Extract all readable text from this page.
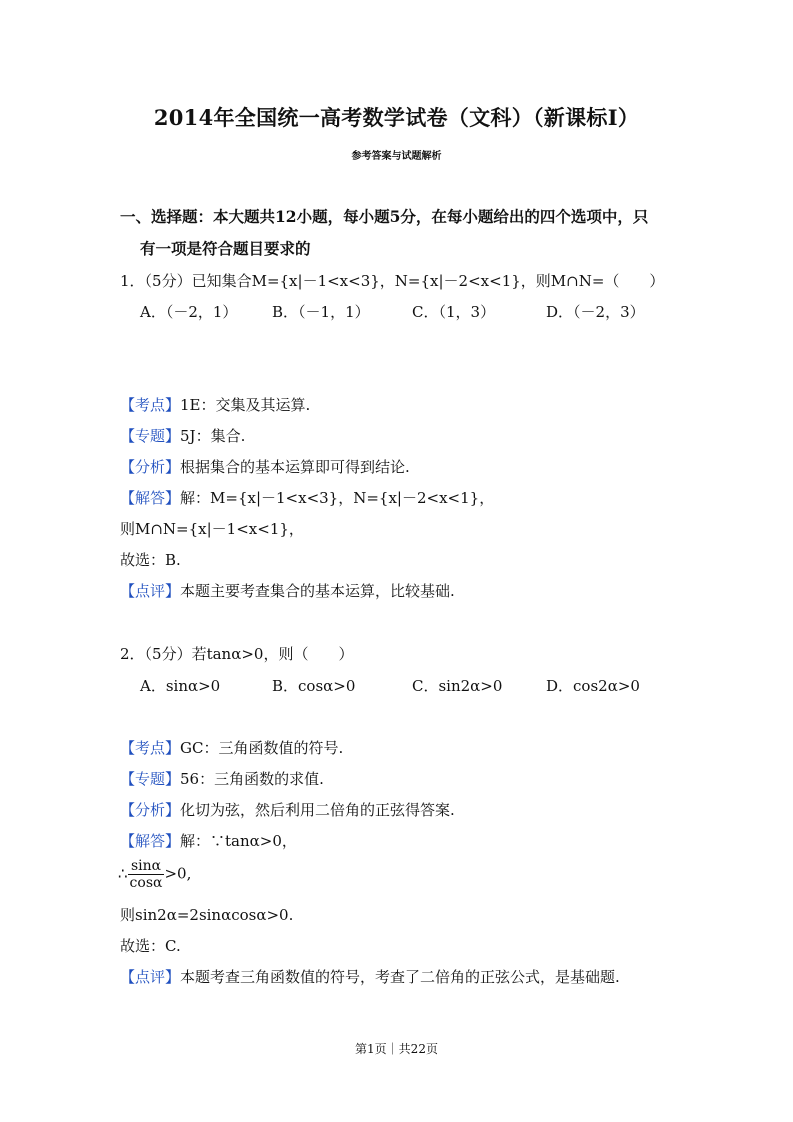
2014年全国统一高考数学试卷（文科）（新课标Ⅰ）
参考答案与试题解析
一、选择题：本大题共12小题，每小题5分，在每小题给出的四个选项中，只
有一项是符合题目要求的
1．（5分）已知集合M={x|－1<x<3}，N={x|－2<x<1}，则M∩N=（　　）
A．（－2，1） B．（－1，1）	C．（1，3）	D．（－2，3）
【考点】1E：交集及其运算.
【专题】5J：集合.
【分析】根据集合的基本运算即可得到结论.
【解答】解：M={x|－1<x<3}，N={x|－2<x<1}，
则M∩N={x|－1<x<1}，
故选：B.
【点评】本题主要考查集合的基本运算，比较基础.
2．（5分）若tanα>0，则（　　）
A．sinα>0	B．cosα>0	C．sin2α>0	D．cos2α>0
【考点】GC：三角函数值的符号.
【专题】56：三角函数的求值.
【分析】化切为弦，然后利用二倍角的正弦得答案.
【解答】解：∵tanα>0，
∴ $\frac{\sin\alpha}{\cos\alpha} >0$,
则sin2α=2sinαcosα>0.
故选：C.
【点评】本题考查三角函数值的符号，考查了二倍角的正弦公式，是基础题.
第1页｜共22页
